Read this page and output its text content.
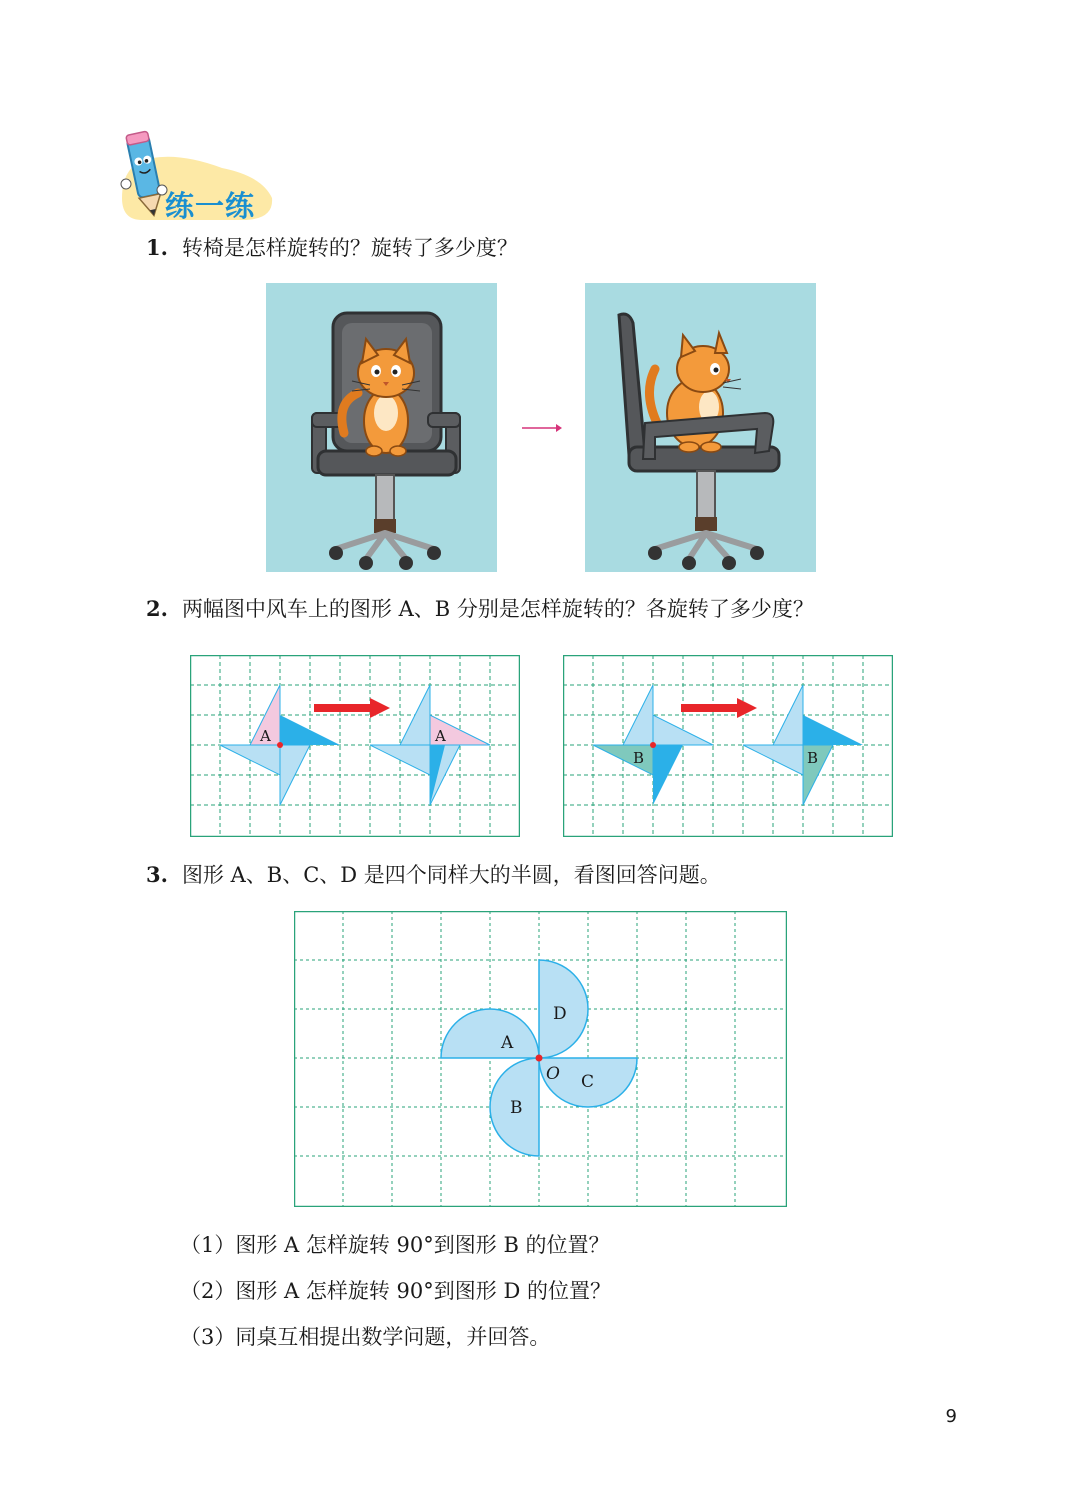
练一练
1. 转椅是怎样旋转的？旋转了多少度？
2. 两幅图中风车上的图形 A、B 分别是怎样旋转的？各旋转了多少度？
A	A
B	B
3. 图形 A、B、C、D 是四个同样大的半圆，看图回答问题。
A
B
C
D
O
（1）图形 A 怎样旋转 90°到图形 B 的位置？
（2）图形 A 怎样旋转 90°到图形 D 的位置？
（3）同桌互相提出数学问题，并回答。
9
